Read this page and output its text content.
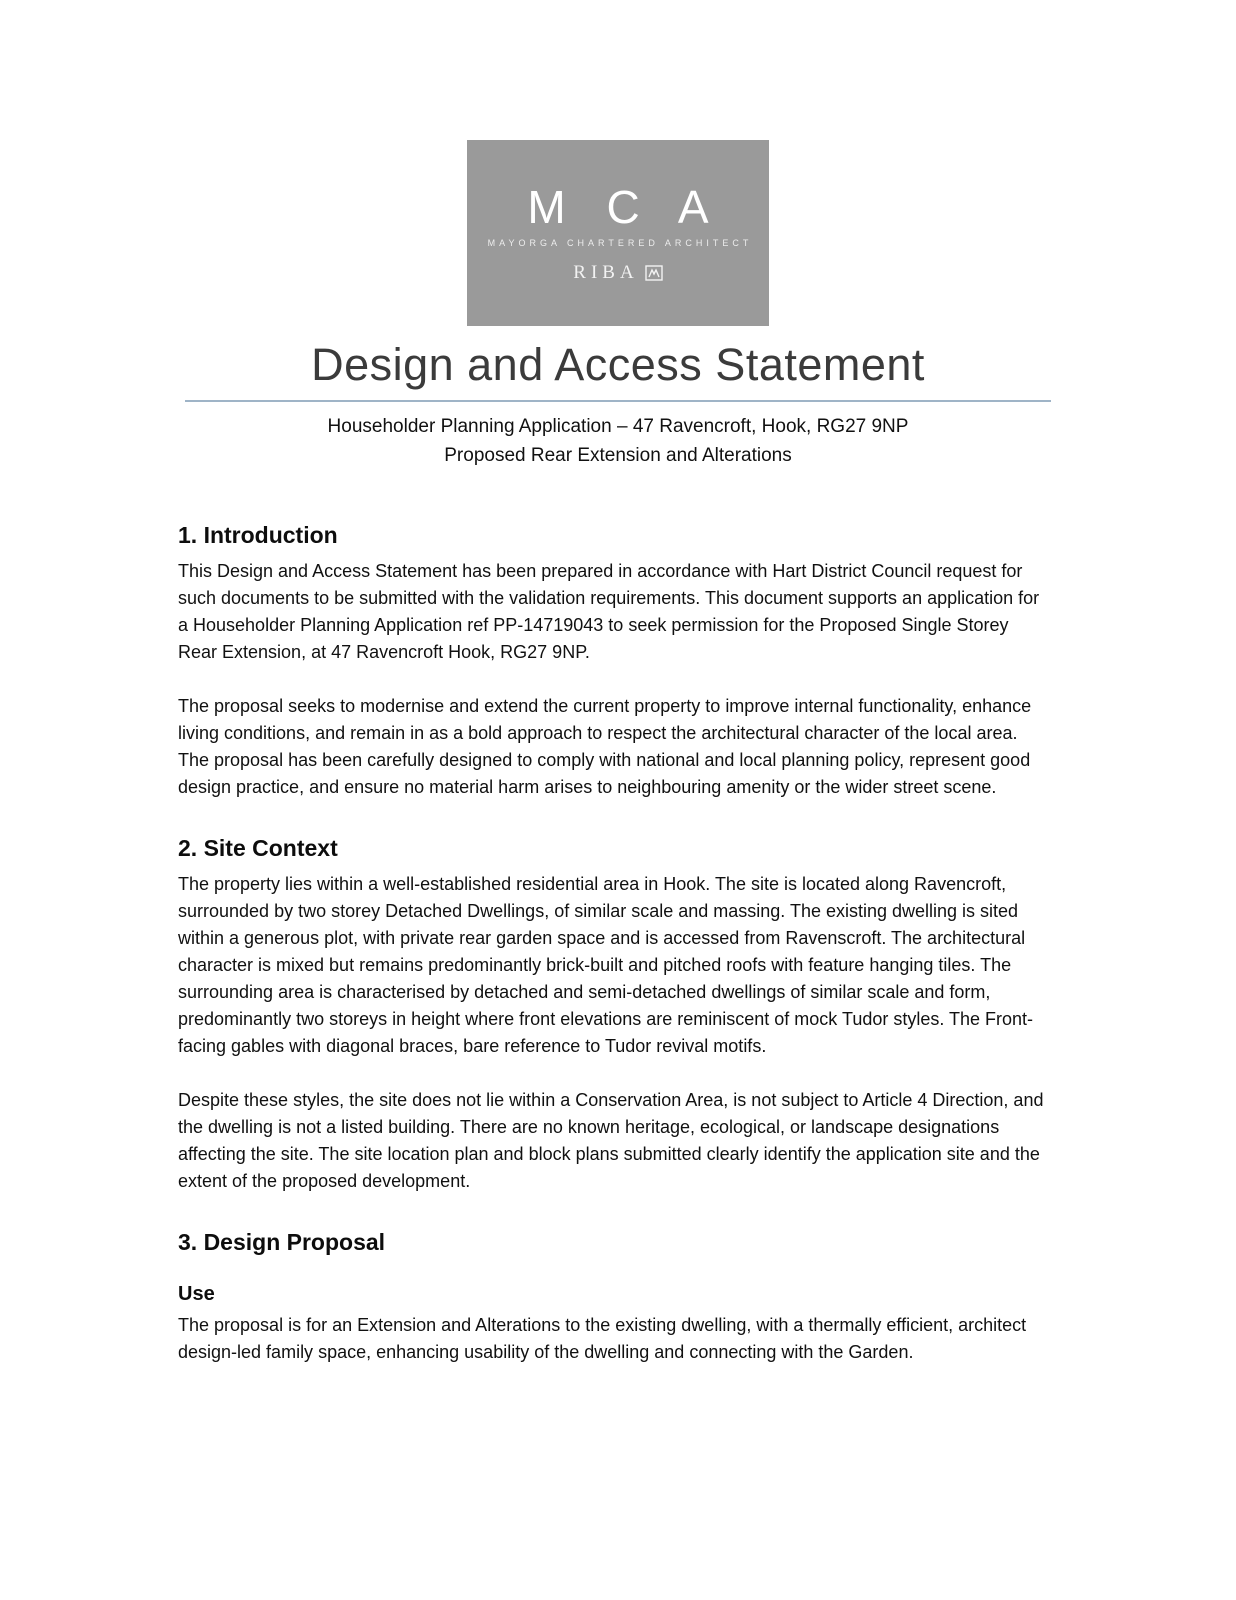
M C A
MAYORGA CHARTERED ARCHITECT
RIBA
Design and Access Statement

Householder Planning Application – 47 Ravencroft, Hook, RG27 9NP

Proposed Rear Extension and Alterations

1. Introduction

This Design and Access Statement has been prepared in accordance with Hart District Council request for such documents to be submitted with the validation requirements. This document supports an application for a Householder Planning Application ref PP-14719043 to seek permission for the Proposed Single Storey Rear Extension, at 47 Ravencroft Hook, RG27 9NP.

The proposal seeks to modernise and extend the current property to improve internal functionality, enhance living conditions, and remain in as a bold approach to respect the architectural character of the local area. The proposal has been carefully designed to comply with national and local planning policy, represent good design practice, and ensure no material harm arises to neighbouring amenity or the wider street scene.

2. Site Context

The property lies within a well-established residential area in Hook. The site is located along Ravencroft, surrounded by two storey Detached Dwellings, of similar scale and massing. The existing dwelling is sited within a generous plot, with private rear garden space and is accessed from Ravenscroft. The architectural character is mixed but remains predominantly brick-built and pitched roofs with feature hanging tiles. The surrounding area is characterised by detached and semi-detached dwellings of similar scale and form, predominantly two storeys in height where front elevations are reminiscent of mock Tudor styles. The Front-facing gables with diagonal braces, bare reference to Tudor revival motifs.

Despite these styles, the site does not lie within a Conservation Area, is not subject to Article 4 Direction, and the dwelling is not a listed building. There are no known heritage, ecological, or landscape designations affecting the site. The site location plan and block plans submitted clearly identify the application site and the extent of the proposed development.

3. Design Proposal
Use

The proposal is for an Extension and Alterations to the existing dwelling, with a thermally efficient, architect design-led family space, enhancing usability of the dwelling and connecting with the Garden.
